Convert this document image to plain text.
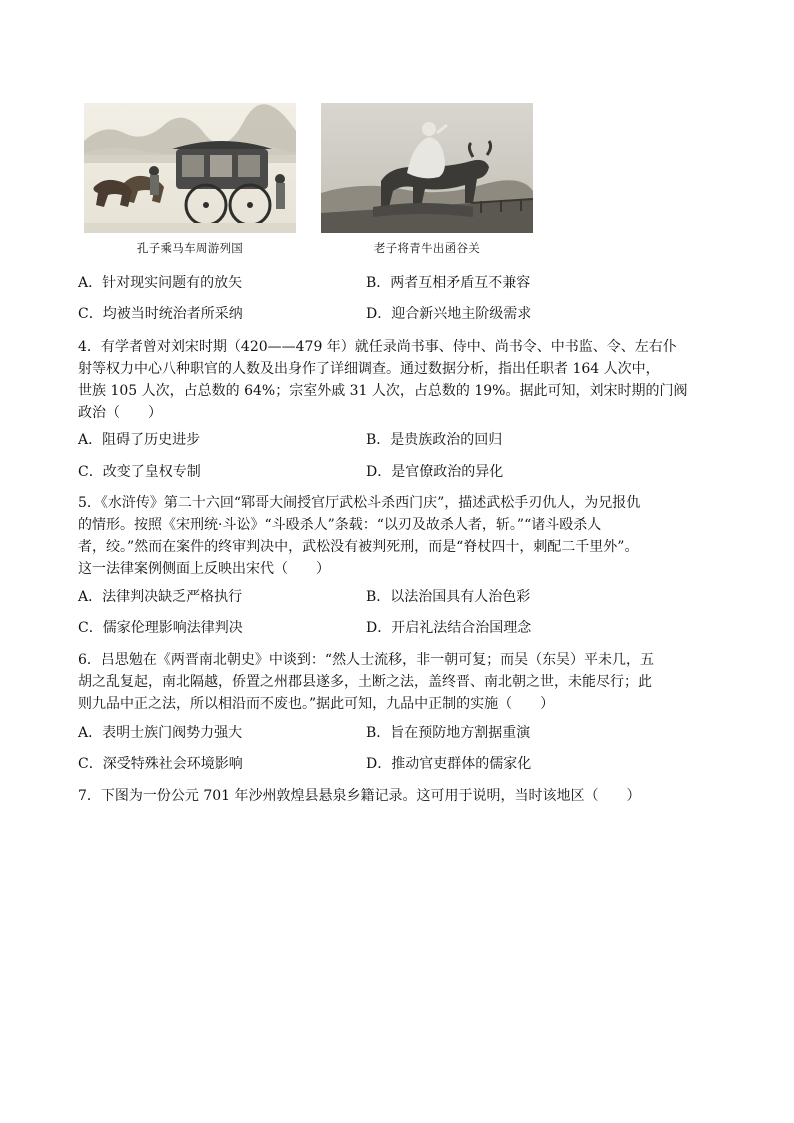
孔子乘马车周游列国	老子将青牛出函谷关
A．针对现实问题有的放矢	B．两者互相矛盾互不兼容
C．均被当时统治者所采纳	D．迎合新兴地主阶级需求
4．有学者曾对刘宋时期（420——479 年）就任录尚书事、侍中、尚书令、中书监、令、左右仆
射等权力中心八种职官的人数及出身作了详细调查。通过数据分析，指出任职者 164 人次中，
世族 105 人次，占总数的 64%；宗室外戚 31 人次，占总数的 19%。据此可知，刘宋时期的门阀
政治（　　）
A．阻碍了历史进步	B．是贵族政治的回归
C．改变了皇权专制	D．是官僚政治的异化
5．《水浒传》第二十六回“郓哥大闹授官厅武松斗杀西门庆”，描述武松手刃仇人，为兄报仇
的情形。按照《宋刑统·斗讼》“斗殴杀人”条载：“以刃及故杀人者，斩。”“诸斗殴杀人
者，绞。”然而在案件的终审判决中，武松没有被判死刑，而是“脊杖四十，刺配二千里外”。
这一法律案例侧面上反映出宋代（　　）
A．法律判决缺乏严格执行	B．以法治国具有人治色彩
C．儒家伦理影响法律判决	D．开启礼法结合治国理念
6．吕思勉在《两晋南北朝史》中谈到：“然人士流移，非一朝可复；而吴（东吴）平未几，五
胡之乱复起，南北隔越，侨置之州郡县遂多，土断之法，盖终晋、南北朝之世，未能尽行；此
则九品中正之法，所以相沿而不废也。”据此可知，九品中正制的实施（　　）
A．表明士族门阀势力强大	B．旨在预防地方割据重演
C．深受特殊社会环境影响	D．推动官吏群体的儒家化
7．下图为一份公元 701 年沙州敦煌县悬泉乡籍记录。这可用于说明，当时该地区（　　）
